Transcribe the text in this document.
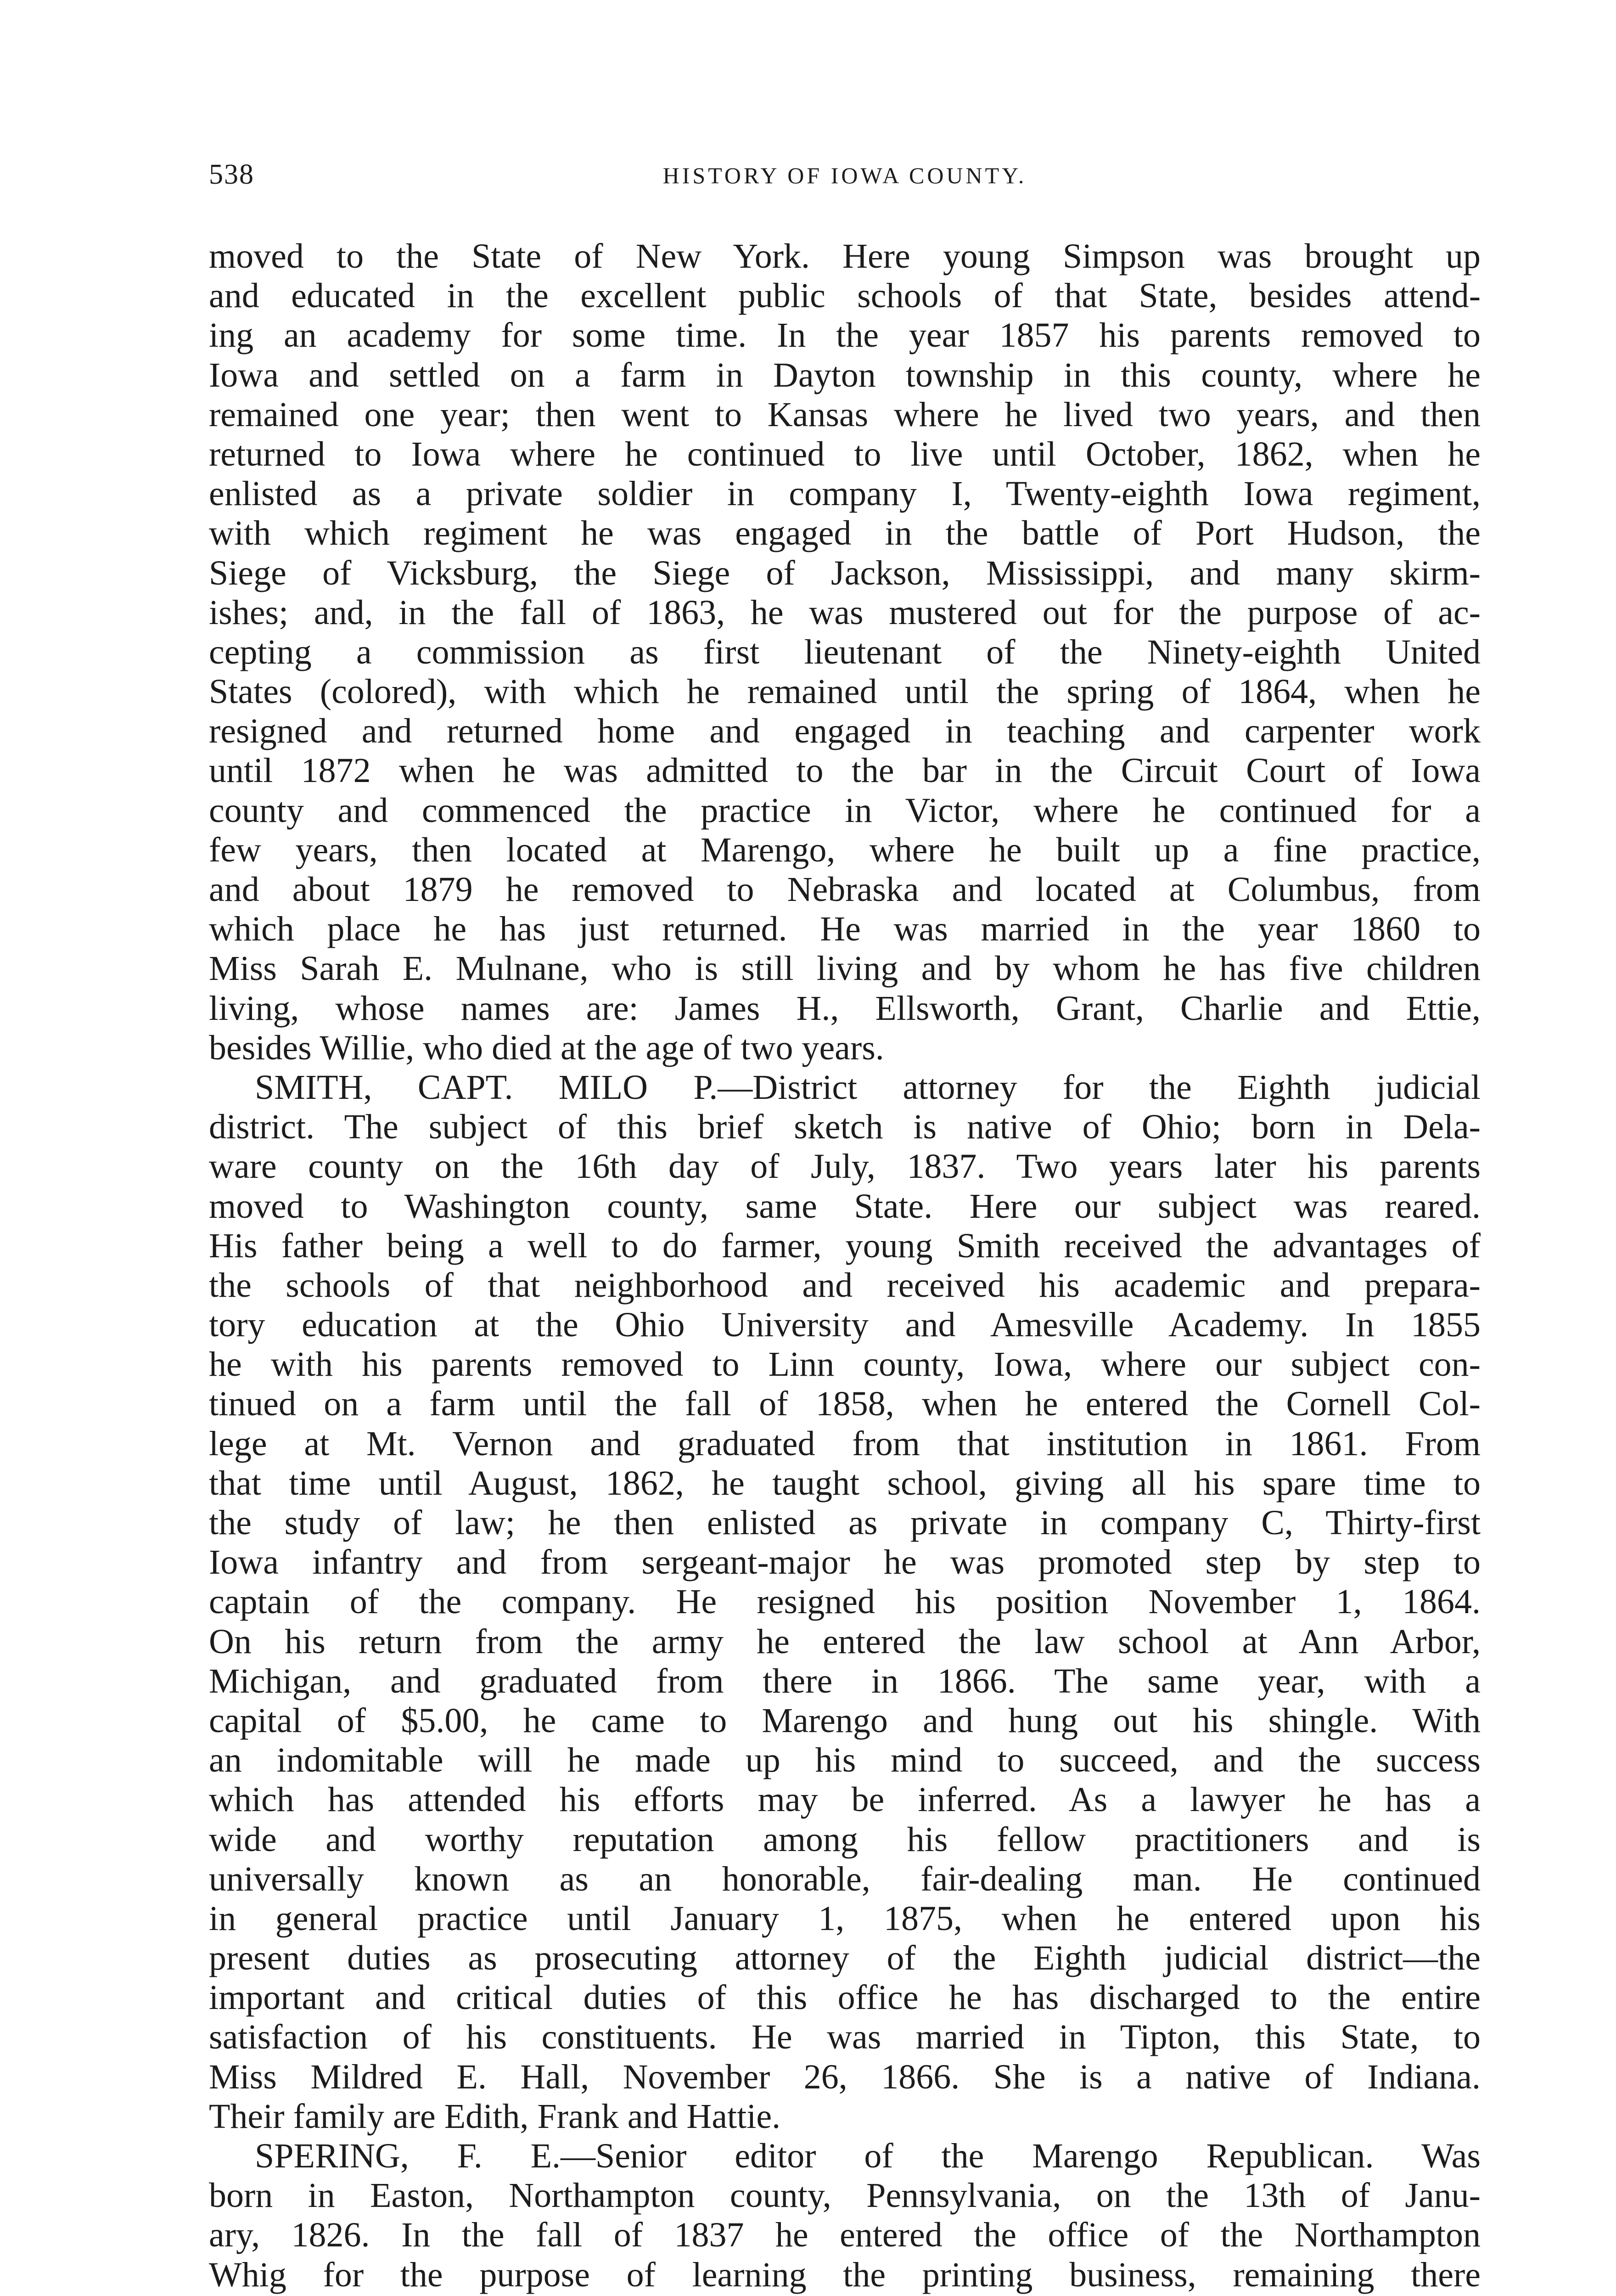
538	HISTORY OF IOWA COUNTY.

moved to the State of New York. Here young Simpson was brought up

and educated in the excellent public schools of that State, besides attend-

ing an academy for some time. In the year 1857 his parents removed to

Iowa and settled on a farm in Dayton township in this county, where he

remained one year; then went to Kansas where he lived two years, and then

returned to Iowa where he continued to live until October, 1862, when he

enlisted as a private soldier in company I, Twenty-eighth Iowa regiment,

with which regiment he was engaged in the battle of Port Hudson, the

Siege of Vicksburg, the Siege of Jackson, Mississippi, and many skirm-

ishes; and, in the fall of 1863, he was mustered out for the purpose of ac-

cepting a commission as first lieutenant of the Ninety-eighth United

States (colored), with which he remained until the spring of 1864, when he

resigned and returned home and engaged in teaching and carpenter work

until 1872 when he was admitted to the bar in the Circuit Court of Iowa

county and commenced the practice in Victor, where he continued for a

few years, then located at Marengo, where he built up a fine practice,

and about 1879 he removed to Nebraska and located at Columbus, from

which place he has just returned. He was married in the year 1860 to

Miss Sarah E. Mulnane, who is still living and by whom he has five children

living, whose names are: James H., Ellsworth, Grant, Charlie and Ettie,

besides Willie, who died at the age of two years.

SMITH, CAPT. MILO P.—District attorney for the Eighth judicial

district. The subject of this brief sketch is native of Ohio; born in Dela-

ware county on the 16th day of July, 1837. Two years later his parents

moved to Washington county, same State. Here our subject was reared.

His father being a well to do farmer, young Smith received the advantages of

the schools of that neighborhood and received his academic and prepara-

tory education at the Ohio University and Amesville Academy. In 1855

he with his parents removed to Linn county, Iowa, where our subject con-

tinued on a farm until the fall of 1858, when he entered the Cornell Col-

lege at Mt. Vernon and graduated from that institution in 1861. From

that time until August, 1862, he taught school, giving all his spare time to

the study of law; he then enlisted as private in company C, Thirty-first

Iowa infantry and from sergeant-major he was promoted step by step to

captain of the company. He resigned his position November 1, 1864.

On his return from the army he entered the law school at Ann Arbor,

Michigan, and graduated from there in 1866. The same year, with a

capital of $5.00, he came to Marengo and hung out his shingle. With

an indomitable will he made up his mind to succeed, and the success

which has attended his efforts may be inferred. As a lawyer he has a

wide and worthy reputation among his fellow practitioners and is

universally known as an honorable, fair-dealing man. He continued

in general practice until January 1, 1875, when he entered upon his

present duties as prosecuting attorney of the Eighth judicial district—the

important and critical duties of this office he has discharged to the entire

satisfaction of his constituents. He was married in Tipton, this State, to

Miss Mildred E. Hall, November 26, 1866. She is a native of Indiana.

Their family are Edith, Frank and Hattie.

SPERING, F. E.—Senior editor of the Marengo Republican. Was

born in Easton, Northampton county, Pennsylvania, on the 13th of Janu-

ary, 1826. In the fall of 1837 he entered the office of the Northampton

Whig for the purpose of learning the printing business, remaining there
